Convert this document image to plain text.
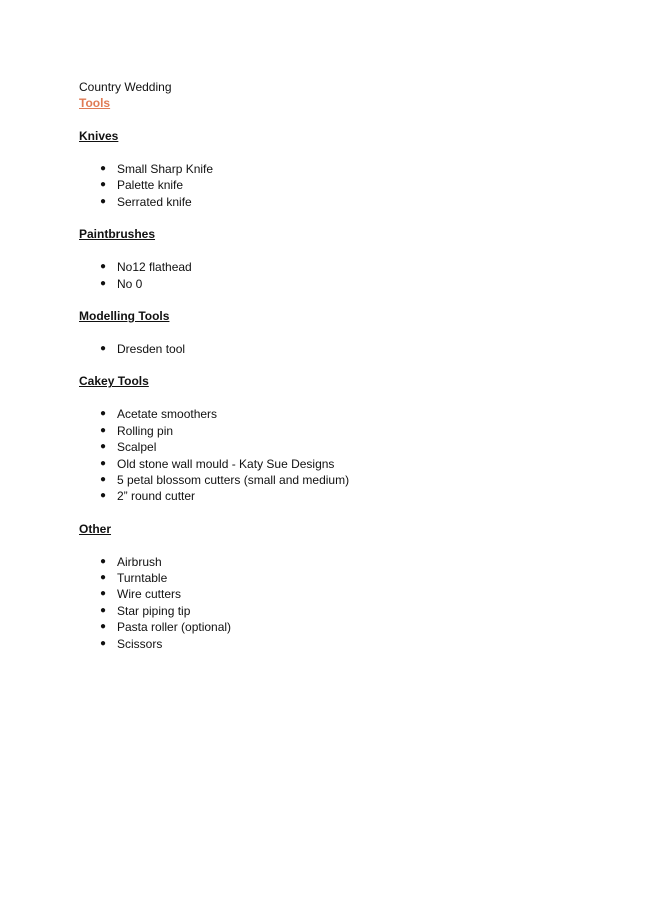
Country Wedding
Tools
Knives
● Small Sharp Knife
● Palette knife
● Serrated knife
Paintbrushes
● No12 flathead
● No 0
Modelling Tools
● Dresden tool
Cakey Tools
● Acetate smoothers
● Rolling pin
● Scalpel
● Old stone wall mould - Katy Sue Designs
● 5 petal blossom cutters (small and medium)
● 2” round cutter
Other
● Airbrush
● Turntable
● Wire cutters
● Star piping tip
● Pasta roller (optional)
● Scissors
